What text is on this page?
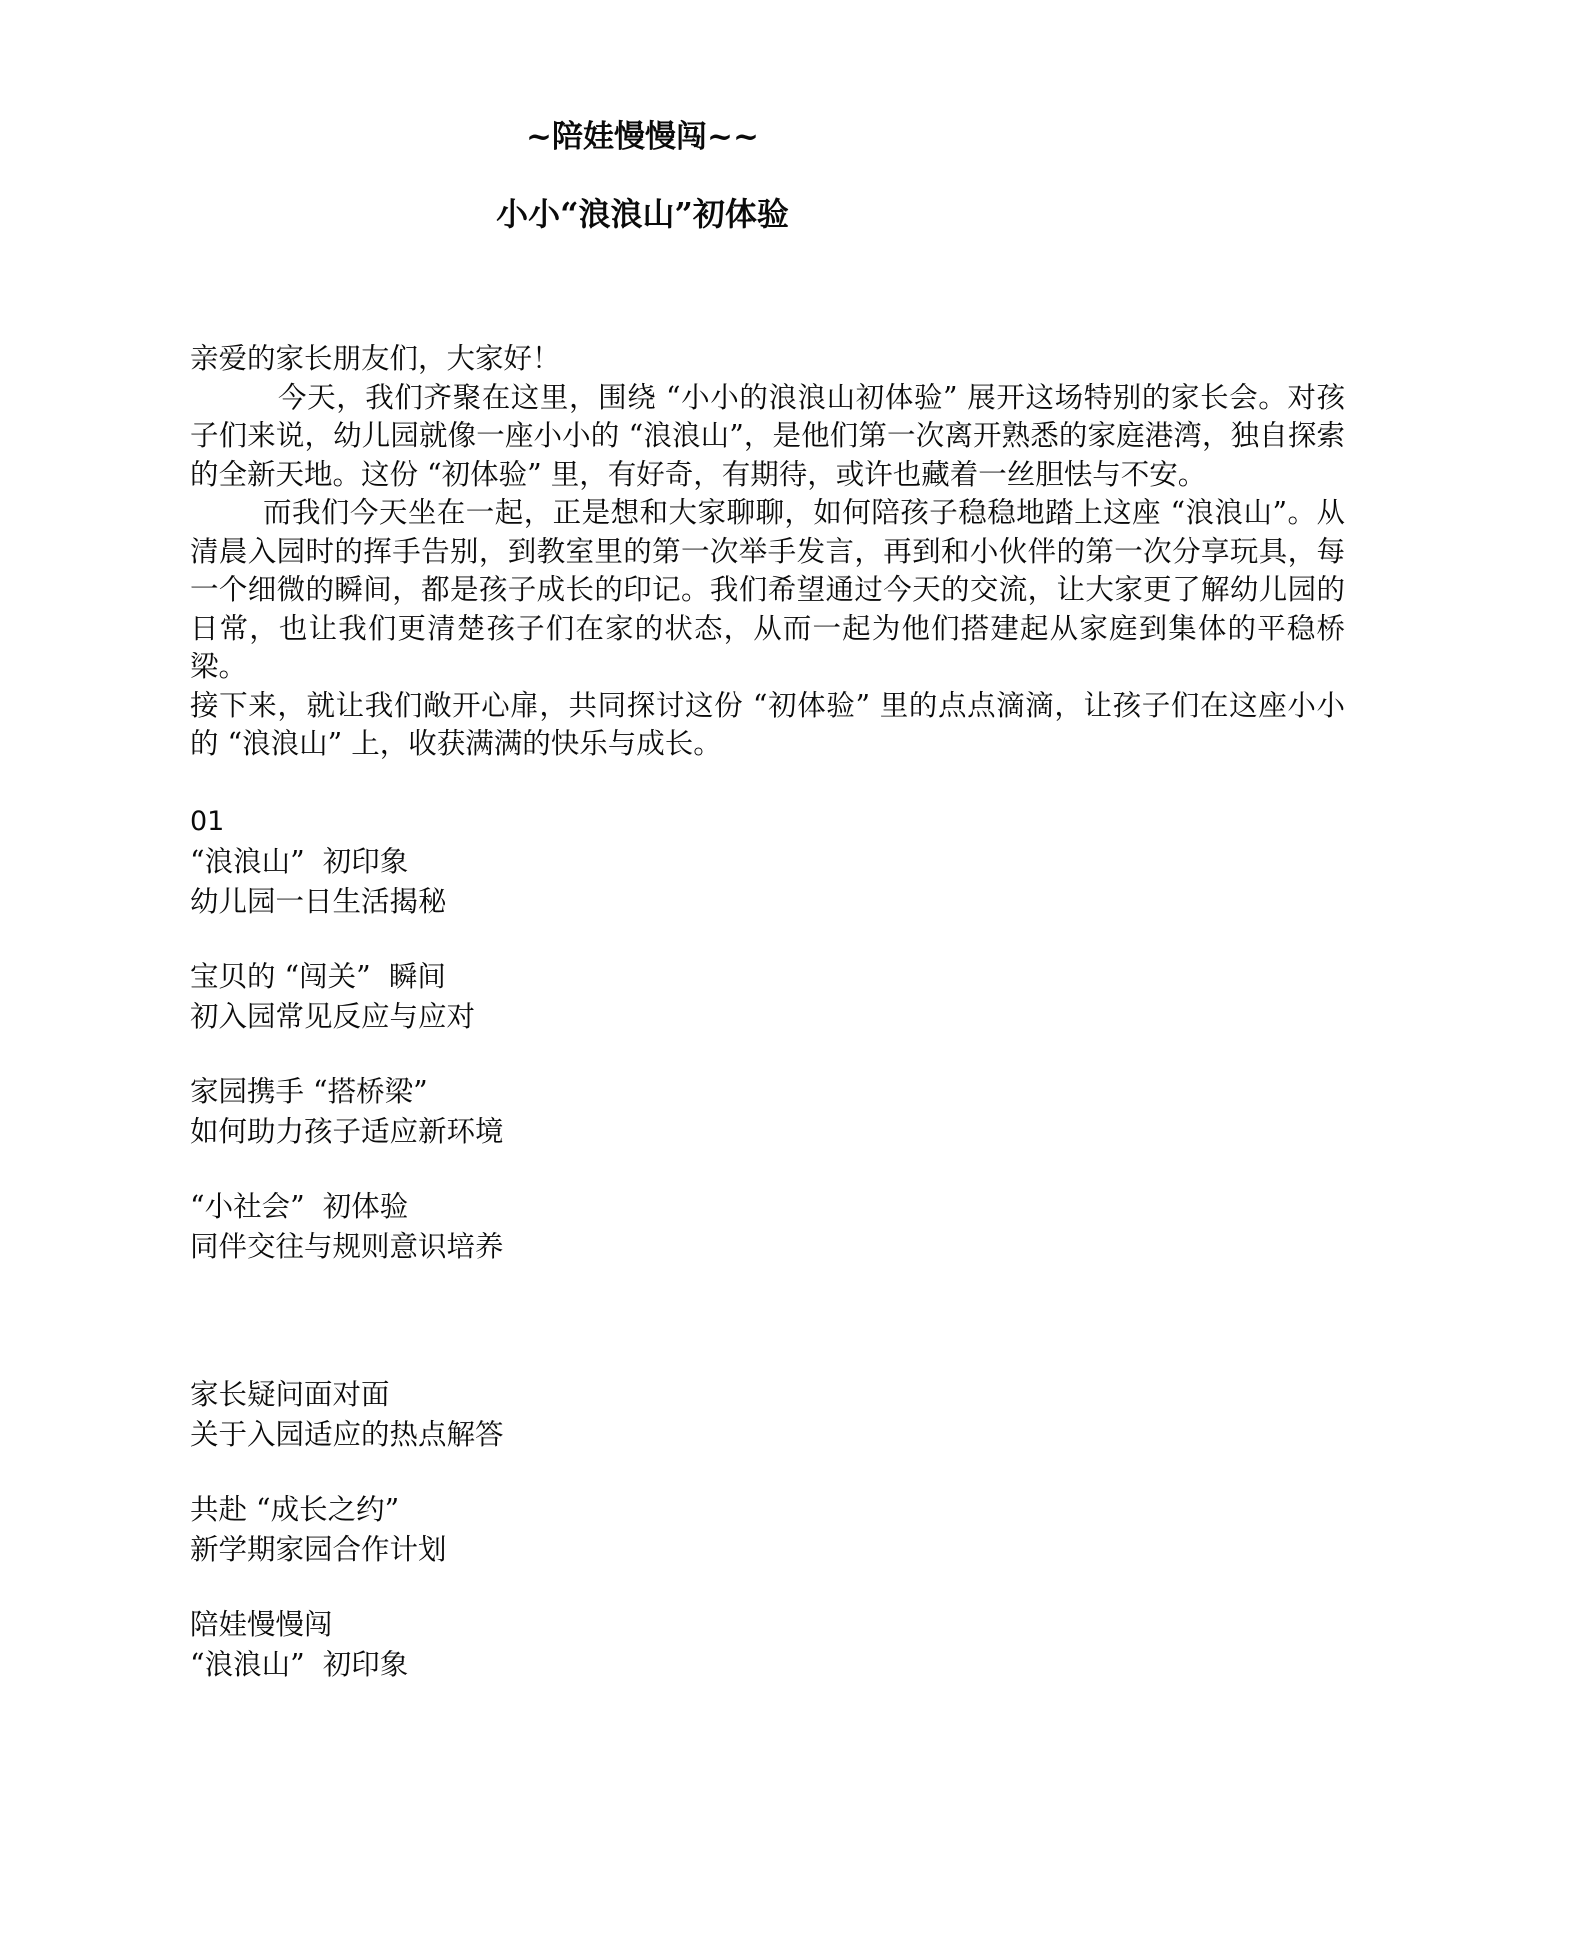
~陪娃慢慢闯~~
小小“浪浪山”初体验

亲爱的家长朋友们，大家好！

今天，我们齐聚在这里，围绕 “小小的浪浪山初体验” 展开这场特别的家长会。对孩子们来说，幼儿园就像一座小小的 “浪浪山”，是他们第一次离开熟悉的家庭港湾，独自探索的全新天地。这份 “初体验” 里，有好奇，有期待，或许也藏着一丝胆怯与不安。

而我们今天坐在一起，正是想和大家聊聊，如何陪孩子稳稳地踏上这座 “浪浪山”。从清晨入园时的挥手告别，到教室里的第一次举手发言，再到和小伙伴的第一次分享玩具，每一个细微的瞬间，都是孩子成长的印记。我们希望通过今天的交流，让大家更了解幼儿园的日常，也让我们更清楚孩子们在家的状态，从而一起为他们搭建起从家庭到集体的平稳桥梁。

接下来，就让我们敞开心扉，共同探讨这份 “初体验” 里的点点滴滴，让孩子们在这座小小的 “浪浪山” 上，收获满满的快乐与成长。

01
“浪浪山”  初印象
幼儿园一日生活揭秘
宝贝的 “闯关”  瞬间
初入园常见反应与应对
家园携手 “搭桥梁”
如何助力孩子适应新环境
“小社会”  初体验
同伴交往与规则意识培养
家长疑问面对面
关于入园适应的热点解答
共赴 “成长之约”
新学期家园合作计划
陪娃慢慢闯
“浪浪山”  初印象
